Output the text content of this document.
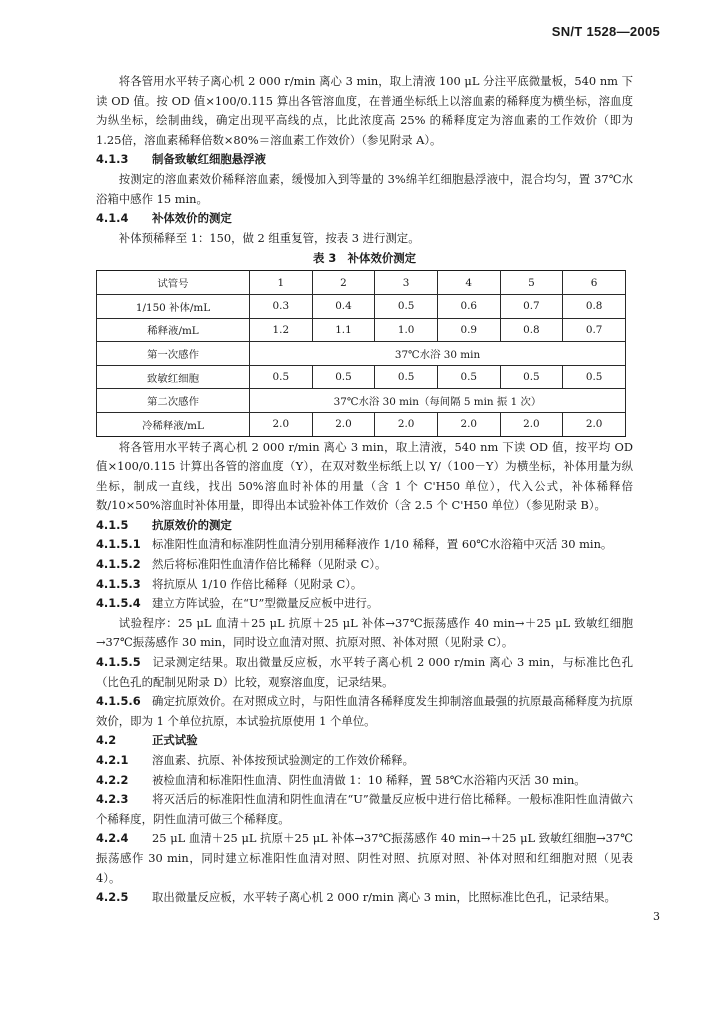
SN/T 1528—2005

将各管用水平转子离心机 2 000 r/min 离心 3 min，取上清液 100 μL 分注平底微量板，540 nm 下读 OD 值。按 OD 值×100/0.115 算出各管溶血度，在普通坐标纸上以溶血素的稀释度为横坐标，溶血度为纵坐标，绘制曲线，确定出现平高线的点，比此浓度高 25% 的稀释度定为溶血素的工作效价（即为 1.25倍，溶血素稀释倍数×80%＝溶血素工作效价）（参见附录 A）。

4.1.3 制备致敏红细胞悬浮液

按测定的溶血素效价稀释溶血素，缓慢加入到等量的 3%绵羊红细胞悬浮液中，混合均匀，置 37℃水浴箱中感作 15 min。

4.1.4 补体效价的测定

补体预稀释至 1：150，做 2 组重复管，按表 3 进行测定。

表 3　补体效价测定
试管号	1	2	3	4	5	6
1/150 补体/mL	0.3	0.4	0.5	0.6	0.7	0.8
稀释液/mL	1.2	1.1	1.0	0.9	0.8	0.7
第一次感作	37℃水浴 30 min					
致敏红细胞	0.5	0.5	0.5	0.5	0.5	0.5
第二次感作	37℃水浴 30 min（每间隔 5 min 振 1 次）					
冷稀释液/mL	2.0	2.0	2.0	2.0	2.0	2.0

将各管用水平转子离心机 2 000 r/min 离心 3 min，取上清液，540 nm 下读 OD 值，按平均 OD 值×100/0.115 计算出各管的溶血度（Y），在双对数坐标纸上以 Y/（100－Y）为横坐标，补体用量为纵坐标，制成一直线，找出 50%溶血时补体的用量（含 1 个 C'H50 单位），代入公式，补体稀释倍数/10×50%溶血时补体用量，即得出本试验补体工作效价（含 2.5 个 C'H50 单位）（参见附录 B）。

4.1.5 抗原效价的测定

4.1.5.1 标准阳性血清和标准阴性血清分别用稀释液作 1/10 稀释，置 60℃水浴箱中灭活 30 min。

4.1.5.2 然后将标准阳性血清作倍比稀释（见附录 C）。

4.1.5.3 将抗原从 1/10 作倍比稀释（见附录 C）。

4.1.5.4 建立方阵试验，在“U”型微量反应板中进行。

试验程序：25 μL 血清＋25 μL 抗原＋25 μL 补体→37℃振荡感作 40 min→＋25 μL 致敏红细胞→37℃振荡感作 30 min，同时设立血清对照、抗原对照、补体对照（见附录 C）。

4.1.5.5 记录测定结果。取出微量反应板，水平转子离心机 2 000 r/min 离心 3 min，与标准比色孔（比色孔的配制见附录 D）比较，观察溶血度，记录结果。

4.1.5.6 确定抗原效价。在对照成立时，与阳性血清各稀释度发生抑制溶血最强的抗原最高稀释度为抗原效价，即为 1 个单位抗原，本试验抗原使用 1 个单位。

4.2	正式试验

4.2.1 溶血素、抗原、补体按预试验测定的工作效价稀释。

4.2.2 被检血清和标准阳性血清、阴性血清做 1：10 稀释，置 58℃水浴箱内灭活 30 min。

4.2.3 将灭活后的标准阳性血清和阴性血清在“U”微量反应板中进行倍比稀释。一般标准阳性血清做六个稀释度，阴性血清可做三个稀释度。

4.2.4 25 μL 血清＋25 μL 抗原＋25 μL 补体→37℃振荡感作 40 min→＋25 μL 致敏红细胞→37℃振荡感作 30 min，同时建立标准阳性血清对照、阴性对照、抗原对照、补体对照和红细胞对照（见表 4）。

4.2.5 取出微量反应板，水平转子离心机 2 000 r/min 离心 3 min，比照标准比色孔，记录结果。

3
